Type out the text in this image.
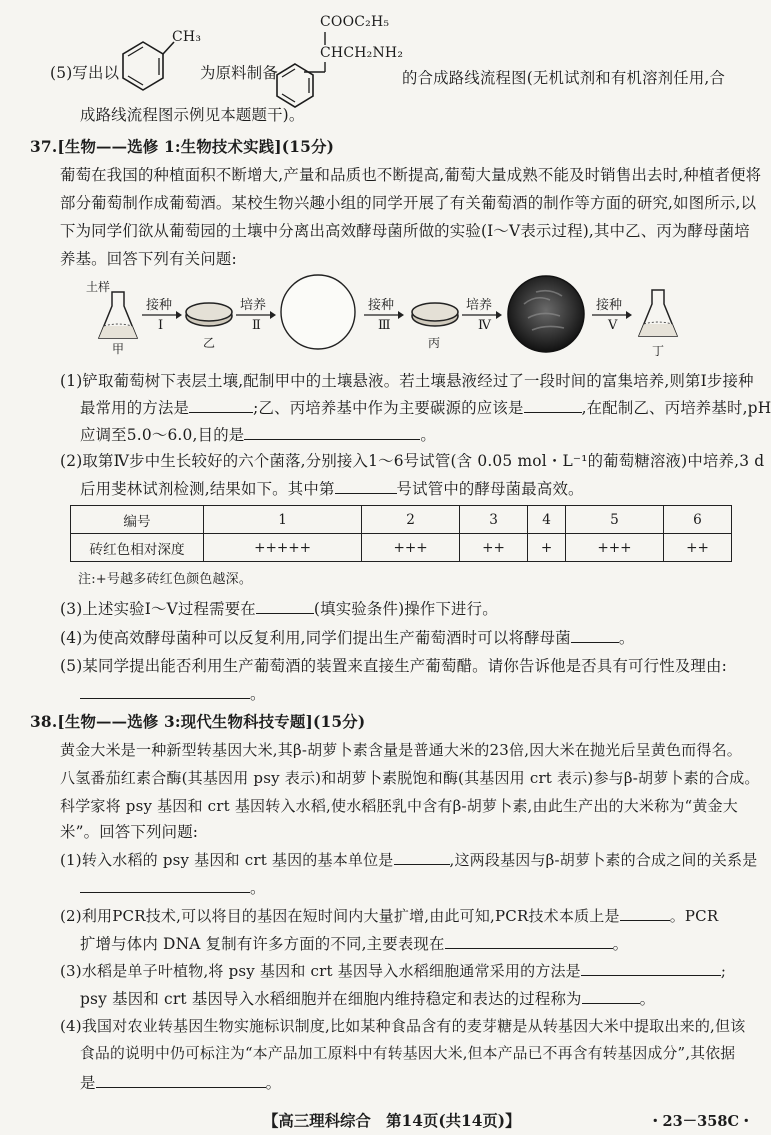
(5)写出以
CH₃
为原料制备
COOC₂H₅
CHCH₂NH₂
的合成路线流程图(无机试剂和有机溶剂任用,合
成路线流程图示例见本题题干)。
37.[生物——选修 1:生物技术实践](15分)
葡萄在我国的种植面积不断增大,产量和品质也不断提高,葡萄大量成熟不能及时销售出去时,种植者便将
部分葡萄制作成葡萄酒。某校生物兴趣小组的同学开展了有关葡萄酒的制作等方面的研究,如图所示,以
下为同学们欲从葡萄园的土壤中分离出高效酵母菌所做的实验(Ⅰ～Ⅴ表示过程),其中乙、丙为酵母菌培
养基。回答下列有关问题:
土样
甲
接种
Ⅰ
乙
培养
Ⅱ
接种
Ⅲ
丙
培养
Ⅳ
接种
Ⅴ
丁
(1)铲取葡萄树下表层土壤,配制甲中的土壤悬液。若土壤悬液经过了一段时间的富集培养,则第Ⅰ步接种
最常用的方法是	;乙、丙培养基中作为主要碳源的应该是	,在配制乙、丙培养基时,pH
应调至5.0～6.0,目的是	。
(2)取第Ⅳ步中生长较好的六个菌落,分别接入1～6号试管(含 0.05 mol・L⁻¹的葡萄糖溶液)中培养,3 d
后用斐林试剂检测,结果如下。其中第	号试管中的酵母菌最高效。
编号	1	2	3	4	5	6
砖红色相对深度	+++++	+++	++	+	+++	++
注:+号越多砖红色颜色越深。
(3)上述实验Ⅰ～Ⅴ过程需要在	(填实验条件)操作下进行。
(4)为使高效酵母菌种可以反复利用,同学们提出生产葡萄酒时可以将酵母菌	。
(5)某同学提出能否利用生产葡萄酒的装置来直接生产葡萄醋。请你告诉他是否具有可行性及理由:
。
38.[生物——选修 3:现代生物科技专题](15分)
黄金大米是一种新型转基因大米,其β-胡萝卜素含量是普通大米的23倍,因大米在抛光后呈黄色而得名。
八氢番茄红素合酶(其基因用 psy 表示)和胡萝卜素脱饱和酶(其基因用 crt 表示)参与β-胡萝卜素的合成。
科学家将 psy 基因和 crt 基因转入水稻,使水稻胚乳中含有β-胡萝卜素,由此生产出的大米称为“黄金大
米”。回答下列问题:
(1)转入水稻的 psy 基因和 crt 基因的基本单位是	,这两段基因与β-胡萝卜素的合成之间的关系是
。
(2)利用PCR技术,可以将目的基因在短时间内大量扩增,由此可知,PCR技术本质上是	。PCR
扩增与体内 DNA 复制有许多方面的不同,主要表现在	。
(3)水稻是单子叶植物,将 psy 基因和 crt 基因导入水稻细胞通常采用的方法是	;
psy 基因和 crt 基因导入水稻细胞并在细胞内维持稳定和表达的过程称为	。
(4)我国对农业转基因生物实施标识制度,比如某种食品含有的麦芽糖是从转基因大米中提取出来的,但该
食品的说明中仍可标注为“本产品加工原料中有转基因大米,但本产品已不再含有转基因成分”,其依据
是	。
【高三理科综合　第14页(共14页)】	・23－358C・
